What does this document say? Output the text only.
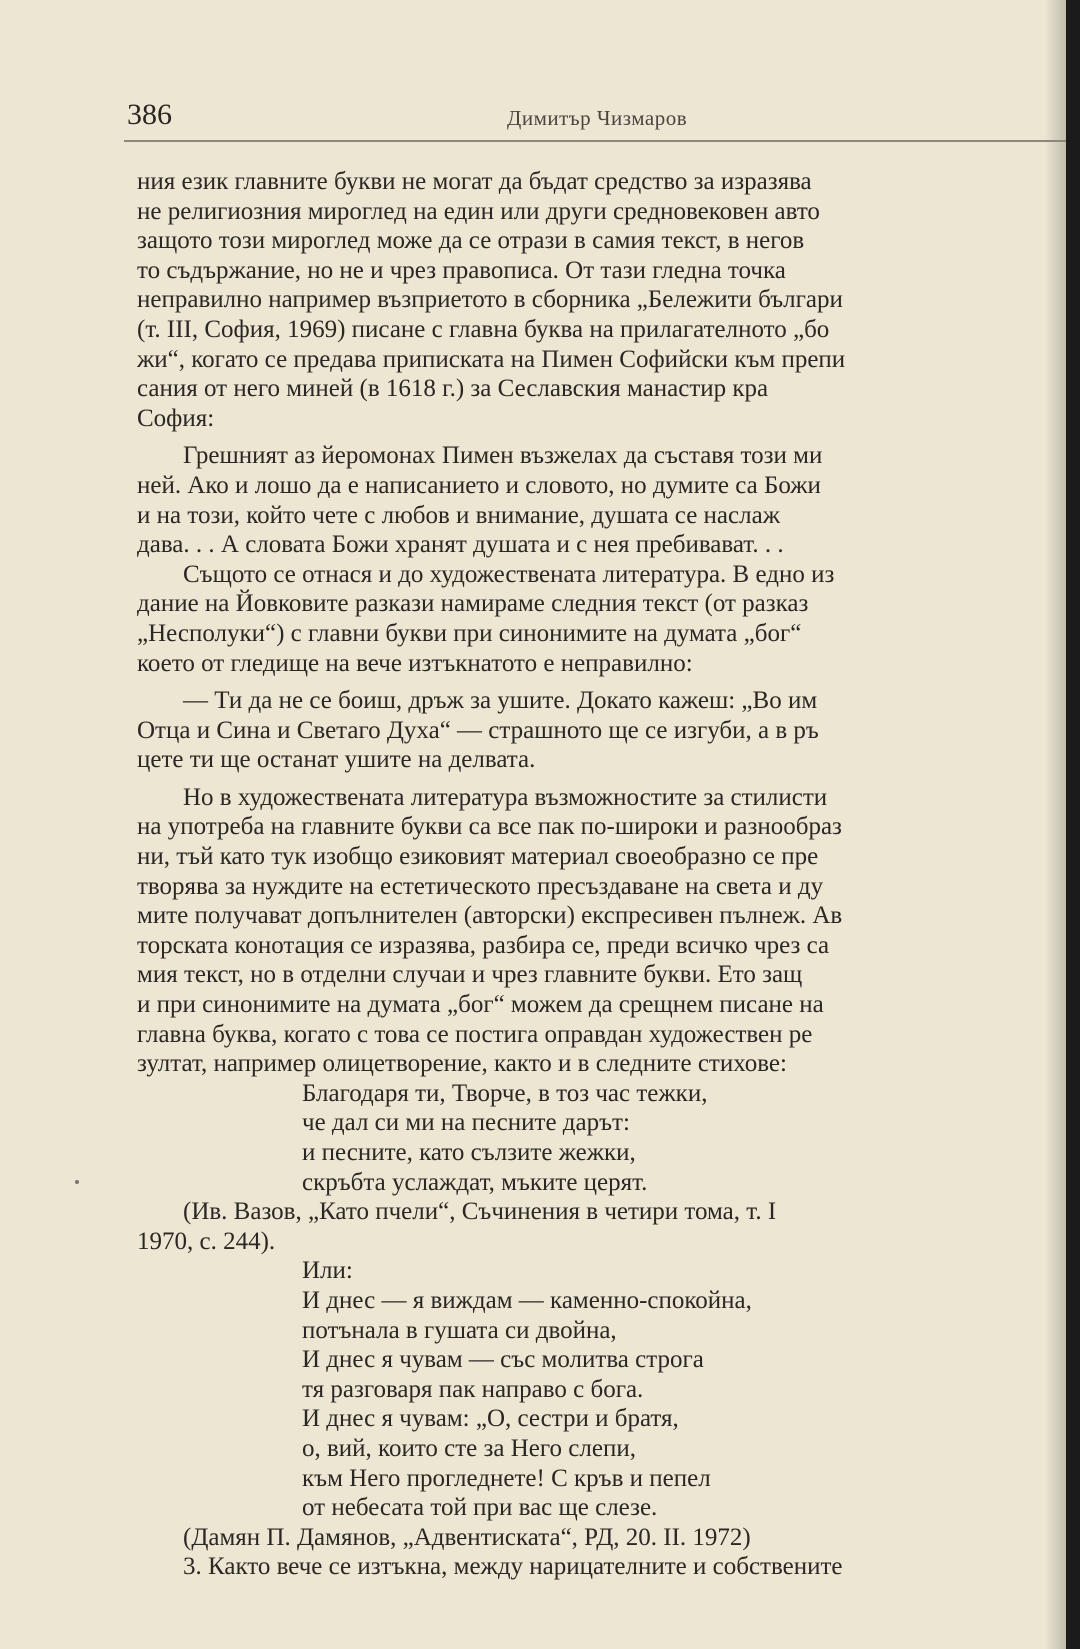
386	Димитър Чизмаров
ния език главните букви не могат да бъдат средство за изразява
не религиозния мироглед на един или други средновековен авто
защото този мироглед може да се отрази в самия текст, в негов
то съдържание, но не и чрез правописа. От тази гледна точка
неправилно например възприетото в сборника „Бележити българи
(т. III, София, 1969) писане с главна буква на прилагателното „бо
жи“, когато се предава приписката на Пимен Софийски към препи
сания от него миней (в 1618 г.) за Сеславския манастир кра
София:
Грешният аз йеромонах Пимен възжелах да съставя този ми
ней. Ако и лошо да е написанието и словото, но думите са Божи
и на този, който чете с любов и внимание, душата се наслаж
дава. . . А словата Божи хранят душата и с нея пребивават. . .
Същото се отнася и до художествената литература. В едно из
дание на Йовковите разкази намираме следния текст (от разказ
„Несполуки“) с главни букви при синонимите на думата „бог“
което от гледище на вече изтъкнатото е неправилно:
— Ти да не се боиш, дръж за ушите. Докато кажеш: „Во им
Отца и Сина и Светаго Духа“ — страшното ще се изгуби, а в ръ
цете ти ще останат ушите на делвата.
Но в художествената литература възможностите за стилисти
на употреба на главните букви са все пак по-широки и разнообраз
ни, тъй като тук изобщо езиковият материал своеобразно се пре
творява за нуждите на естетическото пресъздаване на света и ду
мите получават допълнителен (авторски) експресивен пълнеж. Ав
торската конотация се изразява, разбира се, преди всичко чрез са
мия текст, но в отделни случаи и чрез главните букви. Ето защ
и при синонимите на думата „бог“ можем да срещнем писане на
главна буква, когато с това се постига оправдан художествен ре
зултат, например олицетворение, както и в следните стихове:
Благодаря ти, Творче, в тоз час тежки,
че дал си ми на песните дарът:
и песните, като сълзите жежки,
скръбта услаждат, мъките церят.
(Ив. Вазов, „Като пчели“, Съчинения в четири тома, т. I
1970, с. 244).
Или:
И днес — я виждам — каменно-спокойна,
потънала в гушата си двойна,
И днес я чувам — със молитва строга
тя разговаря пак направо с бога.
И днес я чувам: „О, сестри и братя,
о, вий, които сте за Него слепи,
към Него прогледнете! С кръв и пепел
от небесата той при вас ще слезе.
(Дамян П. Дамянов, „Адвентиската“, РД, 20. II. 1972)
3. Както вече се изтъкна, между нарицателните и собствените
